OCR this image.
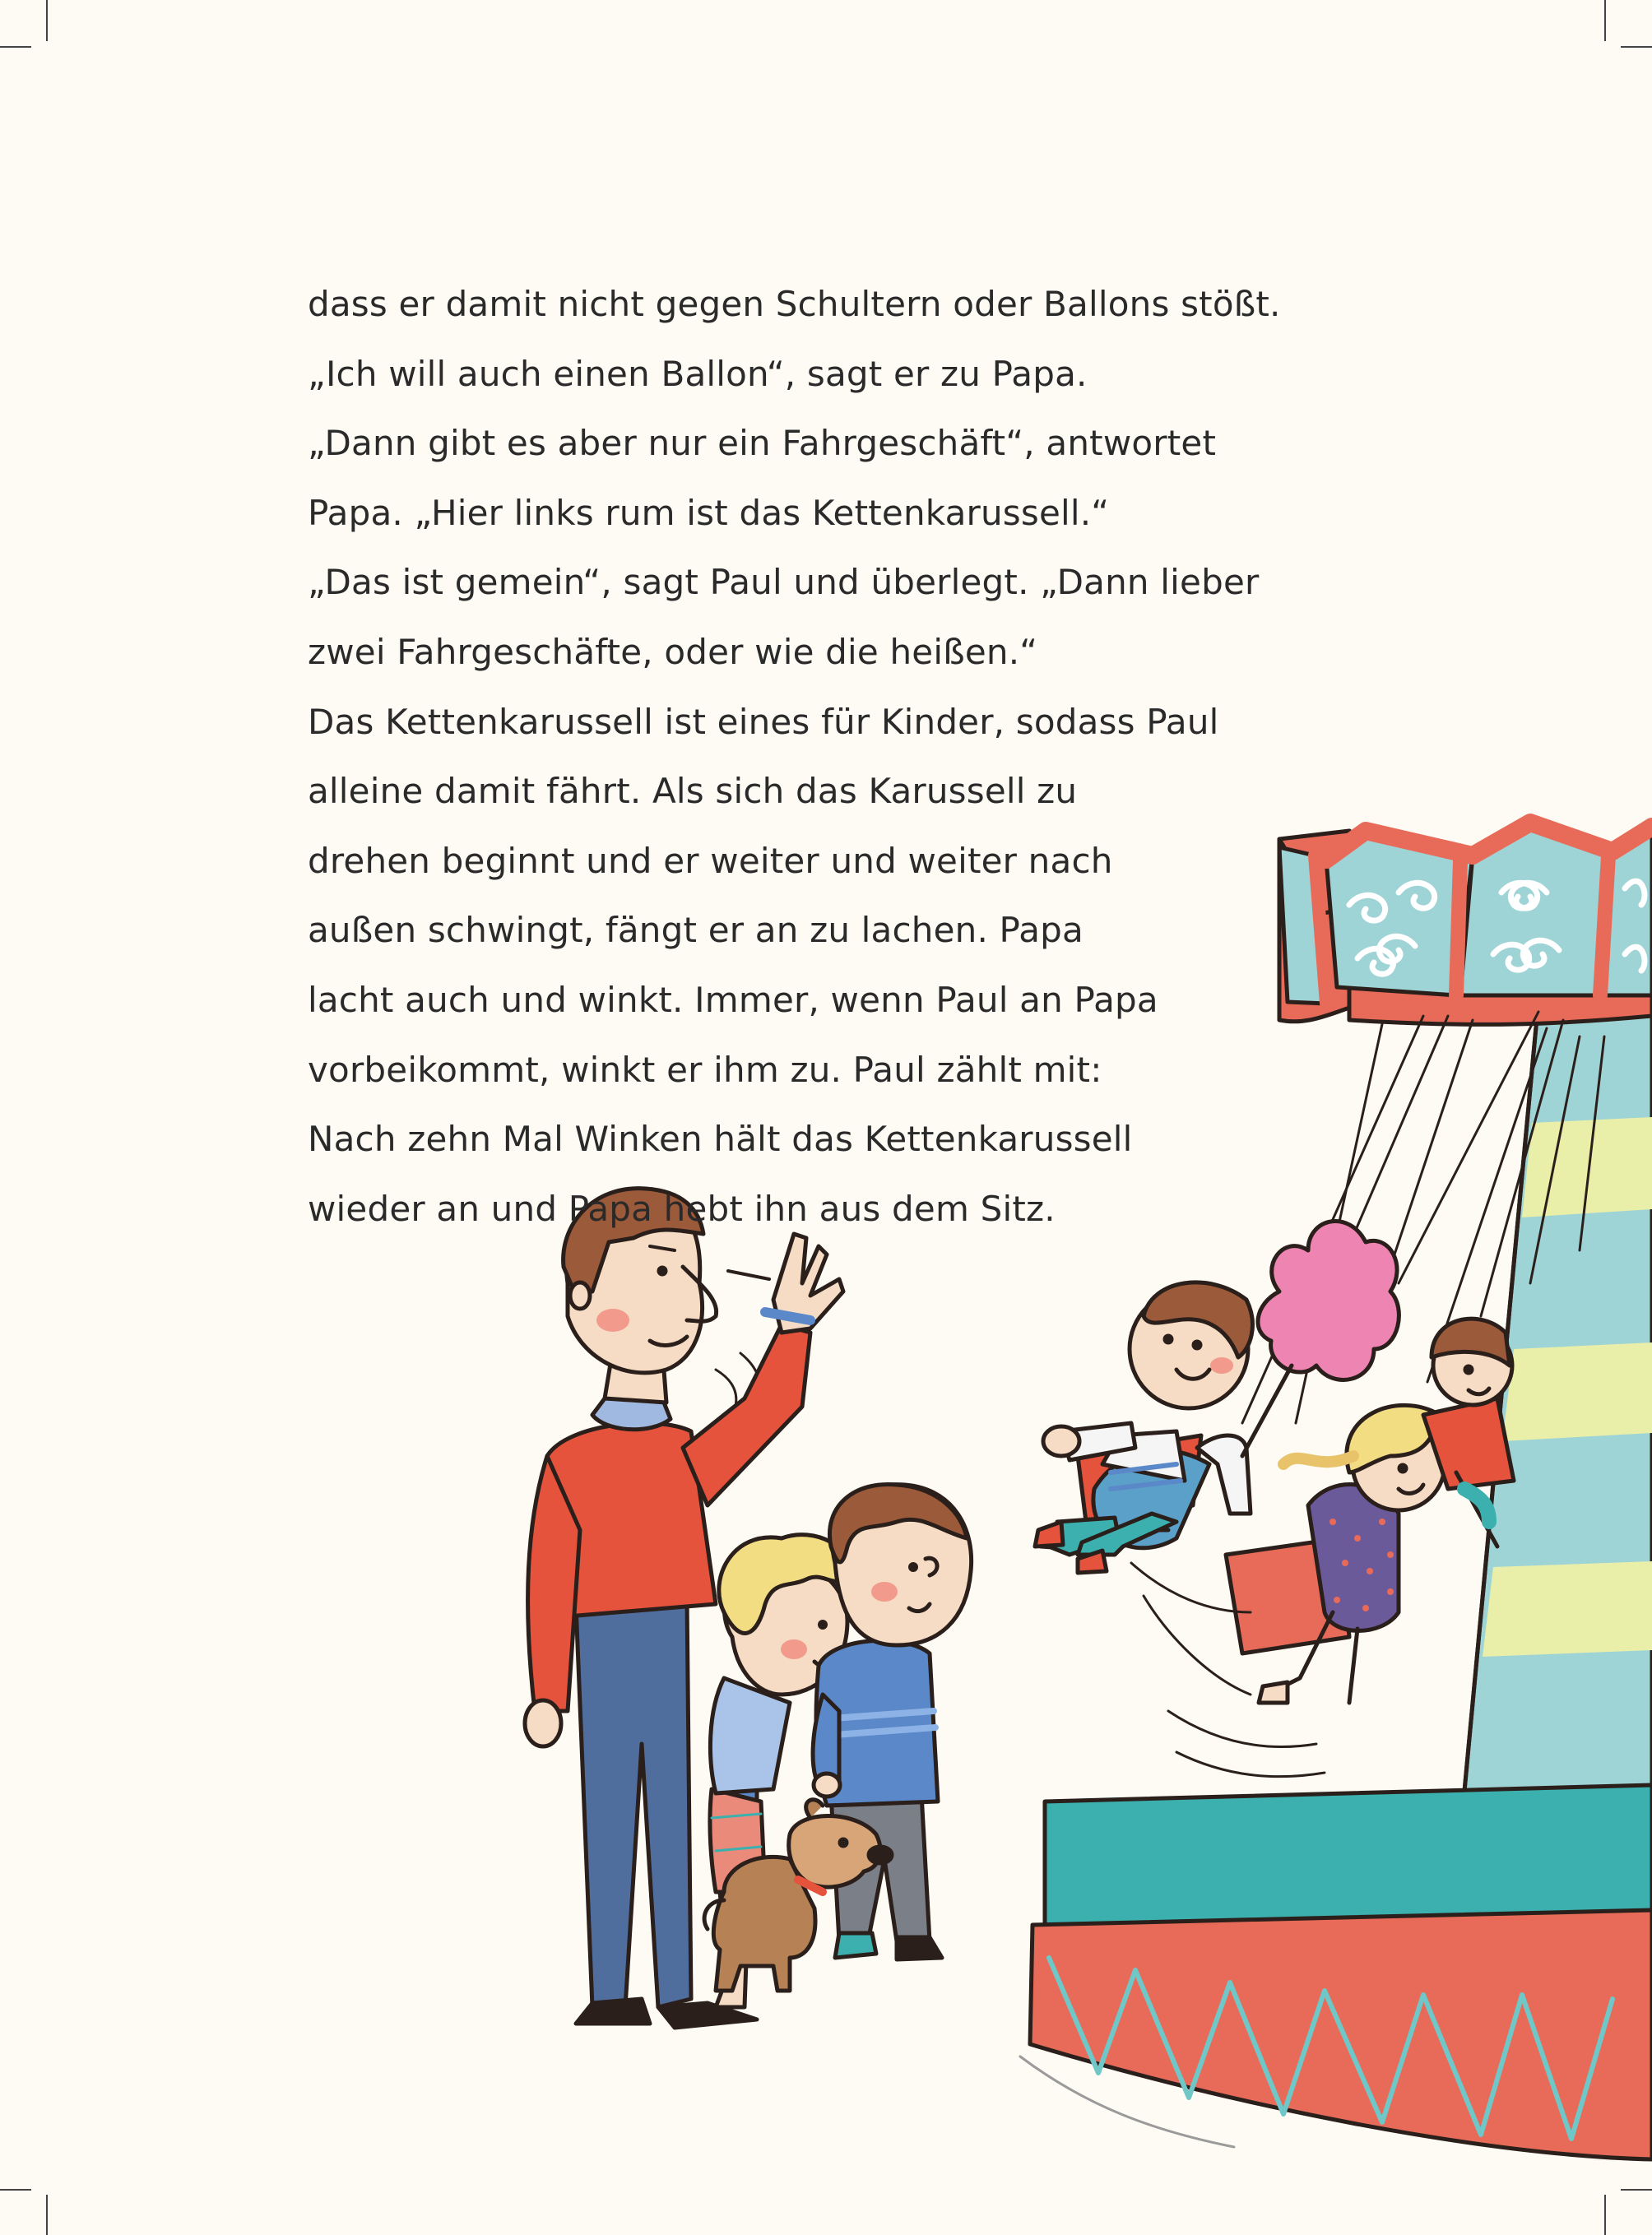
dass er damit nicht gegen Schultern oder Ballons stößt.
„Ich will auch einen Ballon“, sagt er zu Papa.
„Dann gibt es aber nur ein Fahrgeschäft“, antwortet
Papa. „Hier links rum ist das Kettenkarussell.“
„Das ist gemein“, sagt Paul und überlegt. „Dann lieber
zwei Fahrgeschäfte, oder wie die heißen.“
Das Kettenkarussell ist eines für Kinder, sodass Paul
alleine damit fährt. Als sich das Karussell zu
drehen beginnt und er weiter und weiter nach
außen schwingt, fängt er an zu lachen. Papa
lacht auch und winkt. Immer, wenn Paul an Papa
vorbeikommt, winkt er ihm zu. Paul zählt mit:
Nach zehn Mal Winken hält das Kettenkarussell
wieder an und Papa hebt ihn aus dem Sitz.
